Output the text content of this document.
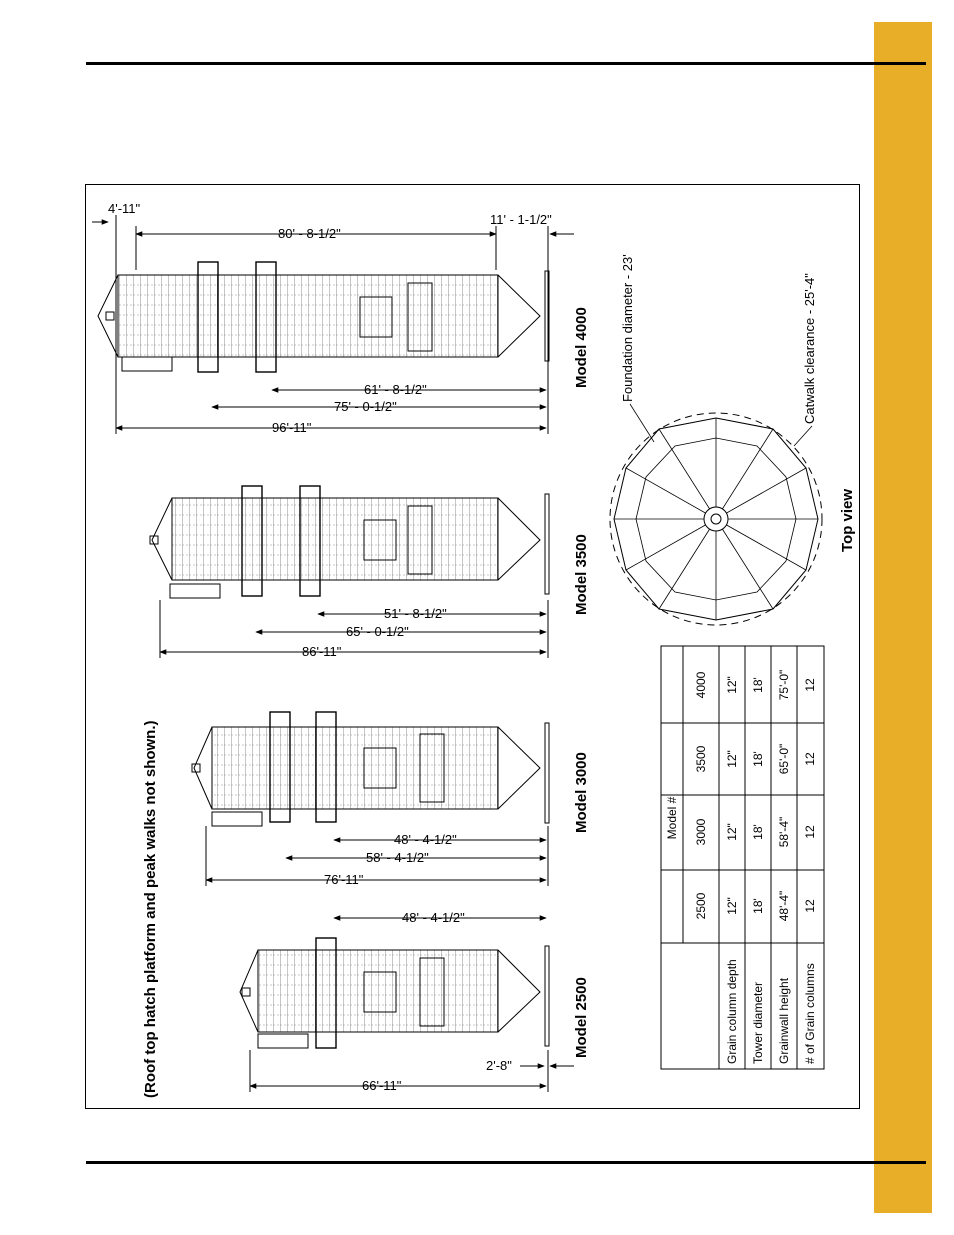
4'-11"
80' - 8-1/2"
11' - 1-1/2"
61' - 8-1/2"
75' - 0-1/2"
96'-11"
51' - 8-1/2"
65' - 0-1/2"
86'-11"
48' - 4-1/2"
58' - 4-1/2"
76'-11"
48' - 4-1/2"
2'-8"
66'-11"
Model 4000
Model 3500
Model 3000
Model 2500
(Roof top hatch platform and peak walks not shown.)
Top view
Foundation diameter - 23'	Catwalk clearance - 25'-4"
Model #
2500
3000
3500
4000
Grain column depth Tower diameter Grainwall height # of Grain columns
12"
12"
12"
12"
18'
18'
18'
18'
48'-4"
58'-4"
65'-0"
75'-0"
12
12
12
12
